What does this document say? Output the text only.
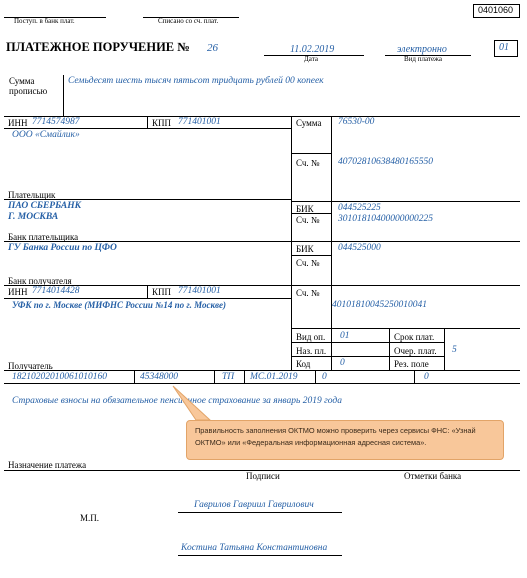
0401060
Поступ. в банк плат.	Списано со сч. плат.
ПЛАТЕЖНОЕ ПОРУЧЕНИЕ № 26	11.02.2019
Дата
электронно
Вид платежа
01
Сумма
прописью
Семьдесят шесть тысяч пятьсот тридцать рублей 00 копеек
ИНН 7714574987	КПП 771401001
ООО «Смайлик»
Плательщик
Сумма 76530-00
Сч. № 40702810638480165550
ПАО СБЕРБАНК
Г. МОСКВА
Банк плательщика
БИК	044525225
Сч. № 30101810400000000225
ГУ Банка России по ЦФО
Банк получателя
БИК	044525000
Сч. №
ИНН 7714014428	КПП 771401001
УФК по г. Москве (МИФНС России №14 по г. Москве)
Получатель
Сч. №
40101810045250010041
Вид оп. 01
Наз. пл.
Код	0
Срок плат.
Очер. плат. 5
Рез. поле
18210202010061010160	45348000	ТП МС.01.2019	0	0
Страховые взносы на обязательное пенсионное страхование за январь 2019 года
Правильность заполнения ОКТМО можно проверить через сервисы ФНС: «Узнай ОКТМО» или «Федеральная информационная адресная система».
Назначение платежа
Подписи	Отметки банка
Гаврилов Гавриил Гаврилович
М.П.
Костина Татьяна Константиновна
